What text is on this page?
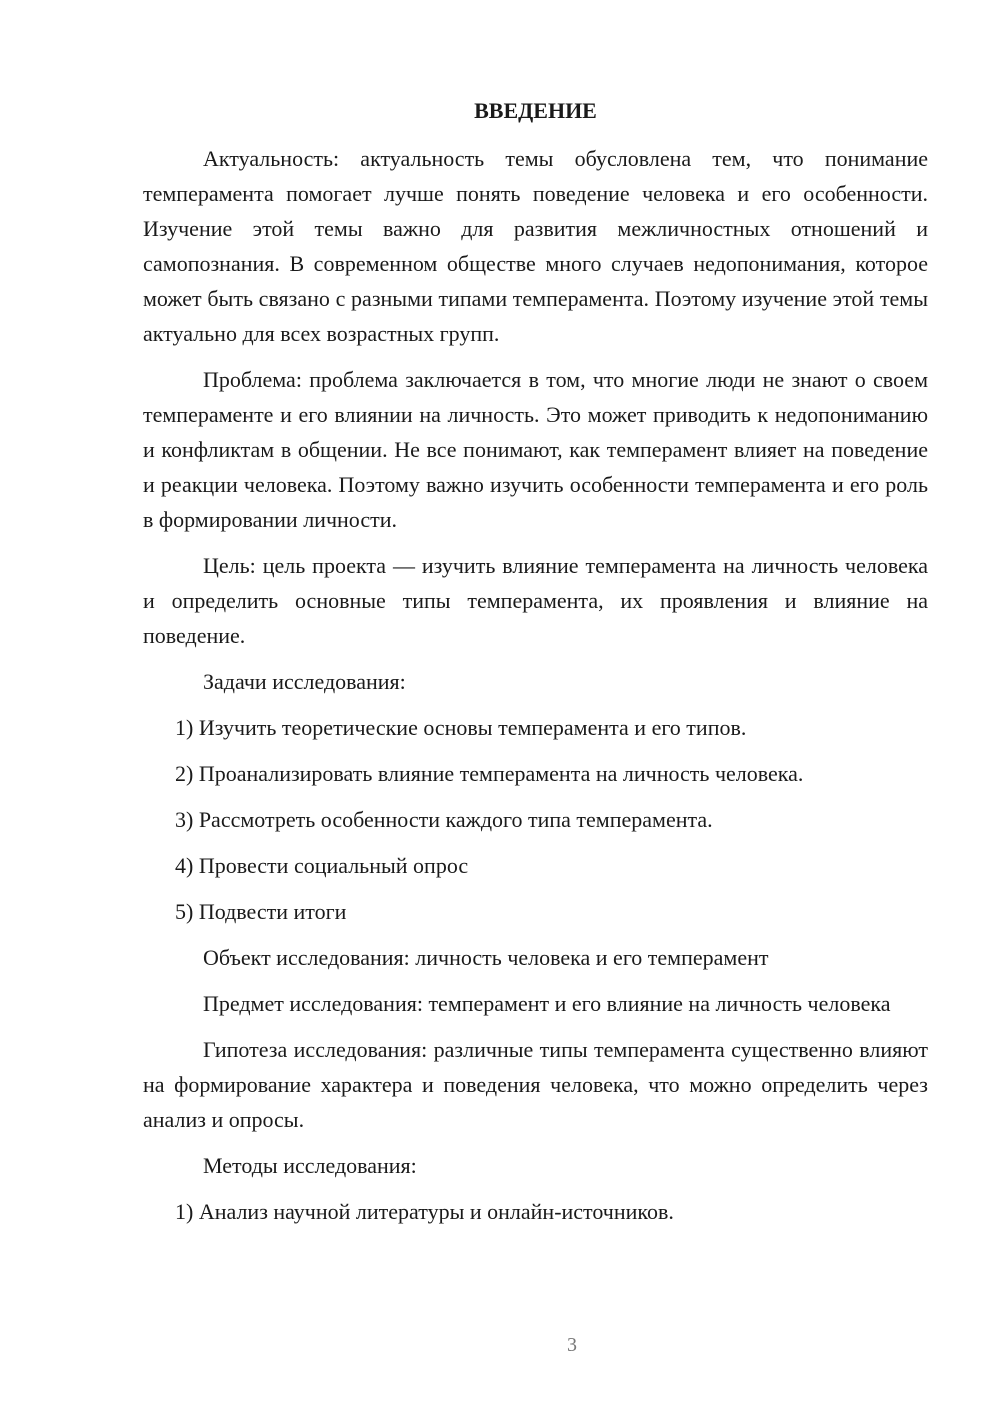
ВВЕДЕНИЕ

Актуальность: актуальность темы обусловлена тем, что понимание темперамента помогает лучше понять поведение человека и его особенности. Изучение этой темы важно для развития межличностных отношений и самопознания. В современном обществе много случаев недопонимания, которое может быть связано с разными типами темперамента. Поэтому изучение этой темы актуально для всех возрастных групп.

Проблема: проблема заключается в том, что многие люди не знают о своем темпераменте и его влиянии на личность. Это может приводить к недопониманию и конфликтам в общении. Не все понимают, как темперамент влияет на поведение и реакции человека. Поэтому важно изучить особенности темперамента и его роль в формировании личности.

Цель: цель проекта — изучить влияние темперамента на личность человека и определить основные типы темперамента, их проявления и влияние на поведение.

Задачи исследования:

1) Изучить теоретические основы темперамента и его типов.

2) Проанализировать влияние темперамента на личность человека.

3) Рассмотреть особенности каждого типа темперамента.

4) Провести социальный опрос

5) Подвести итоги

Объект исследования: личность человека и его темперамент

Предмет исследования: темперамент и его влияние на личность человека

Гипотеза исследования: различные типы темперамента существенно влияют на формирование характера и поведения человека, что можно определить через анализ и опросы.

Методы исследования:

1) Анализ научной литературы и онлайн-источников.

3
